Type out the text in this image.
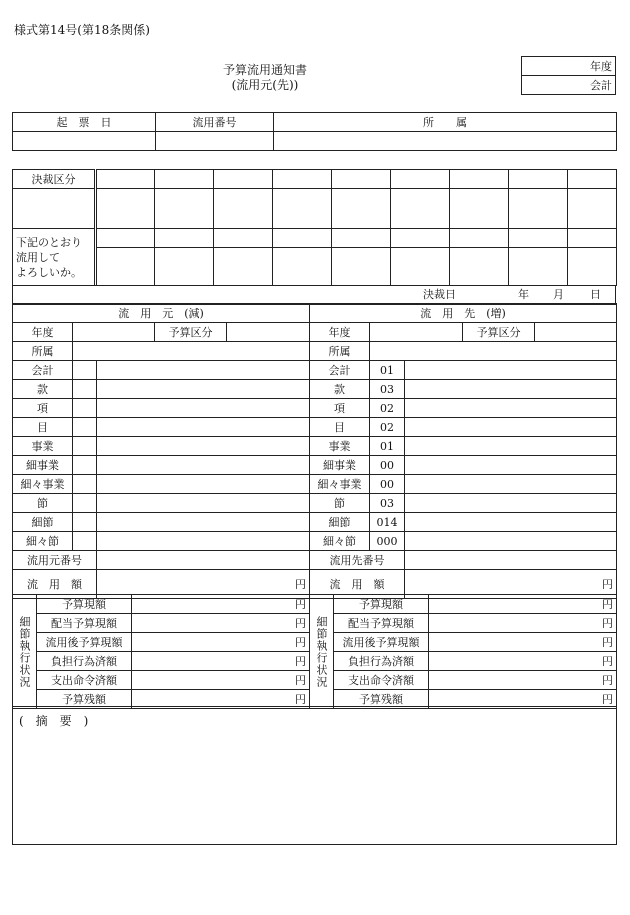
様式第14号(第18条関係)
予算流用通知書
(流用元(先))
年度
会計
起　票　日	流用番号	所　　属

決裁区分									

下記のとおり
流用して
よろしいか。									

決裁日	年 月 日
流　用　元　(減)				
年度			予算区分	
所属				
会計				
款				
項				
目				
事業				
細事業				
細々事業				
節				
細節				
細々節				
流用元番号				
流　用　額		円		
流　用　先　(増)				
年度			予算区分	
所属				
会計	01			
款	03			
項	02			
目	02			
事業	01			
細事業	00			
細々事業	00			
節	03			
細節	014			
細々節	000			
流用先番号				
流　用　額		円		
細節執行状況	予算現額	円
	配当予算現額	円
	流用後予算現額	円
	負担行為済額	円
	支出命令済額	円
	予算残額	円
細節執行状況	予算現額	円
	配当予算現額	円
	流用後予算現額	円
	負担行為済額	円
	支出命令済額	円
	予算残額	円
(　摘　要　)
